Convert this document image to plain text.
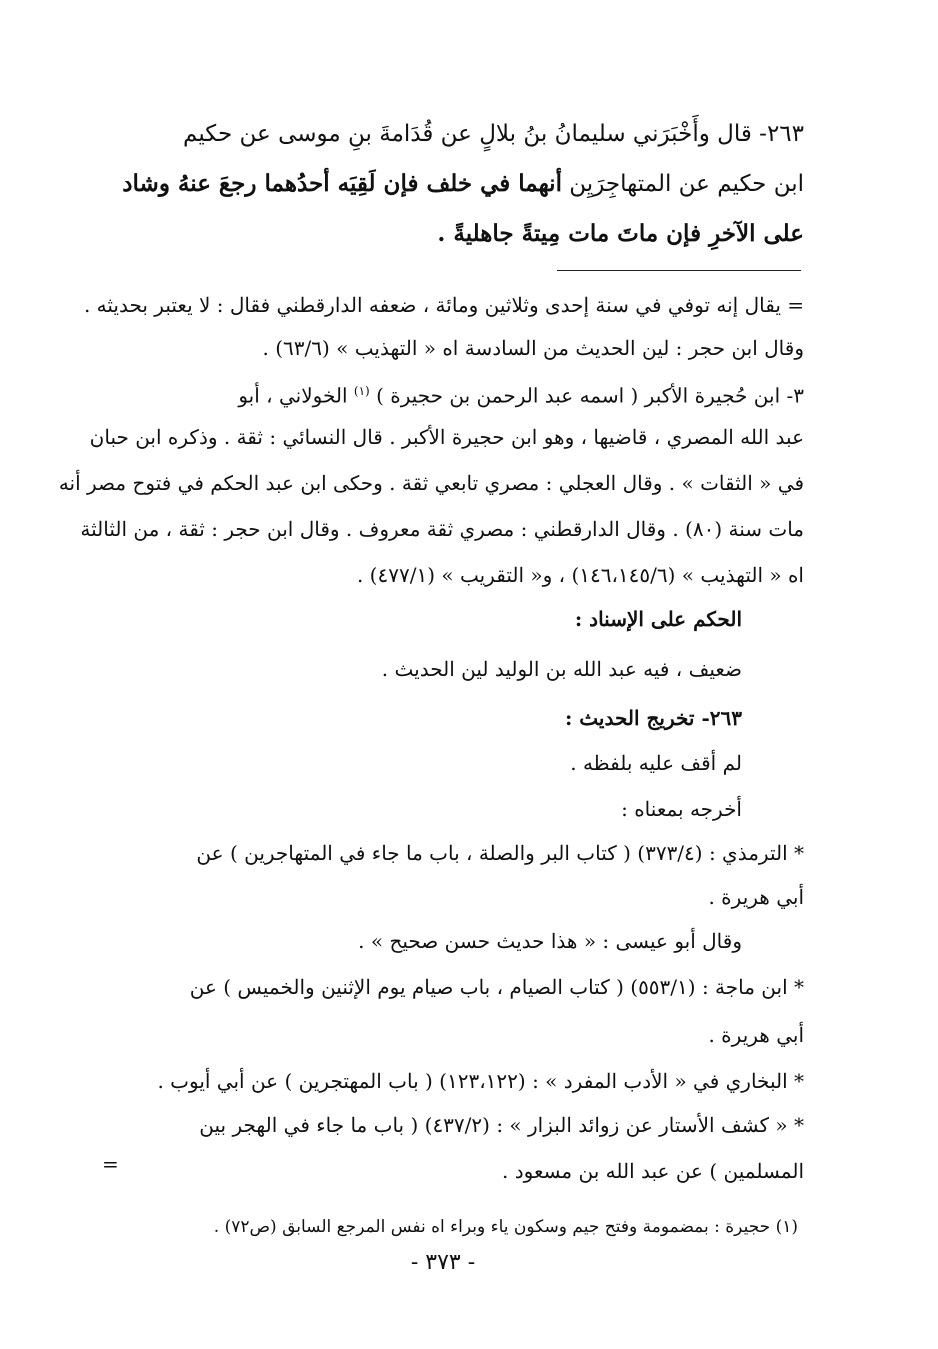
٢٦٣- قال وأَخْبَرَني سليمانُ بنُ بلالٍ عن قُدَامةَ بنِ موسى عن حكيم
ابن حكيم عن المتهاجِرَيِن أنهما في خلف فإن لَقِيَه أحدُهما رجعَ عنهُ وشاد
على الآخرِ فإن ماتَ مات مِيتةً جاهليةً .
= يقال إنه توفي في سنة إحدى وثلاثين ومائة ، ضعفه الدارقطني فقال : لا يعتبر بحديثه .
وقال ابن حجر : لين الحديث من السادسة اه « التهذيب » (٦٣/٦) .
٣- ابن حُجيرة الأكبر ( اسمه عبد الرحمن بن حجيرة ) $^{(١)}$ الخولاني ، أبو
عبد الله المصري ، قاضيها ، وهو ابن حجيرة الأكبر . قال النسائي : ثقة . وذكره ابن حبان
في « الثقات » . وقال العجلي : مصري تابعي ثقة . وحكى ابن عبد الحكم في فتوح مصر أنه
مات سنة (٨٠) . وقال الدارقطني : مصري ثقة معروف . وقال ابن حجر : ثقة ، من الثالثة
اه « التهذيب » (١٤٦،١٤٥/٦) ، و« التقريب » (٤٧٧/١) .
الحكم على الإسناد :
ضعيف ، فيه عبد الله بن الوليد لين الحديث .
٢٦٣- تخريج الحديث :
لم أقف عليه بلفظه .
أخرجه بمعناه :
* الترمذي : (٣٧٣/٤) ( كتاب البر والصلة ، باب ما جاء في المتهاجرين ) عن
أبي هريرة .
وقال أبو عيسى : « هذا حديث حسن صحيح » .
* ابن ماجة : (٥٥٣/١) ( كتاب الصيام ، باب صيام يوم الإثنين والخميس ) عن
أبي هريرة .
* البخاري في « الأدب المفرد » : (١٢٣،١٢٢) ( باب المهتجرين ) عن أبي أيوب .
* « كشف الأستار عن زوائد البزار » : (٤٣٧/٢) ( باب ما جاء في الهجر بين
المسلمين ) عن عبد الله بن مسعود .
=
(١) حجيرة : بمضمومة وفتح جيم وسكون ياء وبراء اه نفس المرجع السابق (ص٧٢) .
- ٣٧٣ -
